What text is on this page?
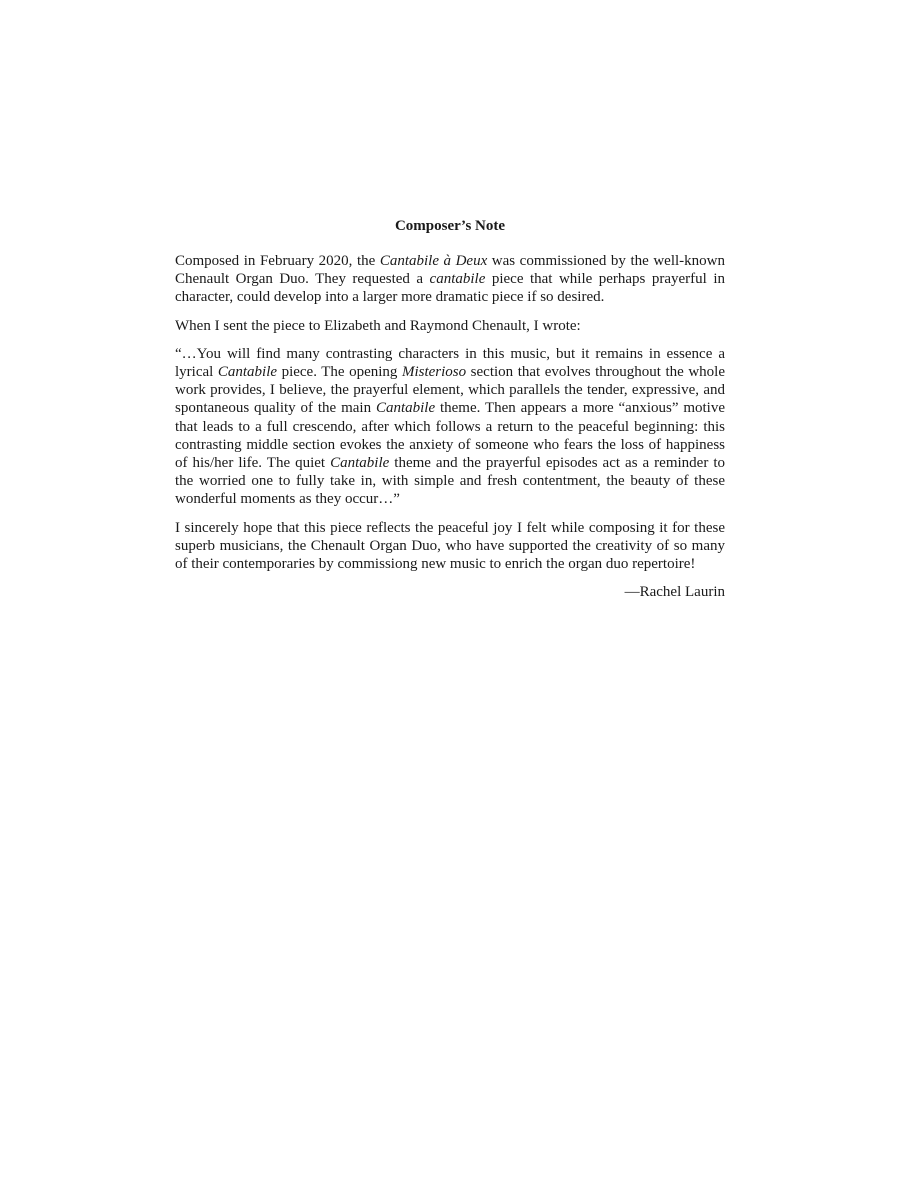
Composer’s Note

Composed in February 2020, the Cantabile à Deux was commissioned by the well-known Chenault Organ Duo. They requested a cantabile piece that while perhaps prayerful in character, could develop into a larger more dramatic piece if so desired.

When I sent the piece to Elizabeth and Raymond Chenault, I wrote:

“…You will find many contrasting characters in this music, but it remains in essence a lyrical Cantabile piece. The opening Misterioso section that evolves throughout the whole work provides, I believe, the prayerful element, which parallels the tender, expressive, and spontaneous quality of the main Cantabile theme. Then appears a more “anxious” motive that leads to a full crescendo, after which follows a return to the peaceful beginning: this contrasting middle section evokes the anxiety of someone who fears the loss of happiness of his/her life. The quiet Cantabile theme and the prayerful episodes act as a reminder to the worried one to fully take in, with simple and fresh contentment, the beauty of these wonderful moments as they occur…”

I sincerely hope that this piece reflects the peaceful joy I felt while composing it for these superb musicians, the Chenault Organ Duo, who have supported the creativity of so many of their contemporaries by commissiong new music to enrich the organ duo repertoire!

—Rachel Laurin
